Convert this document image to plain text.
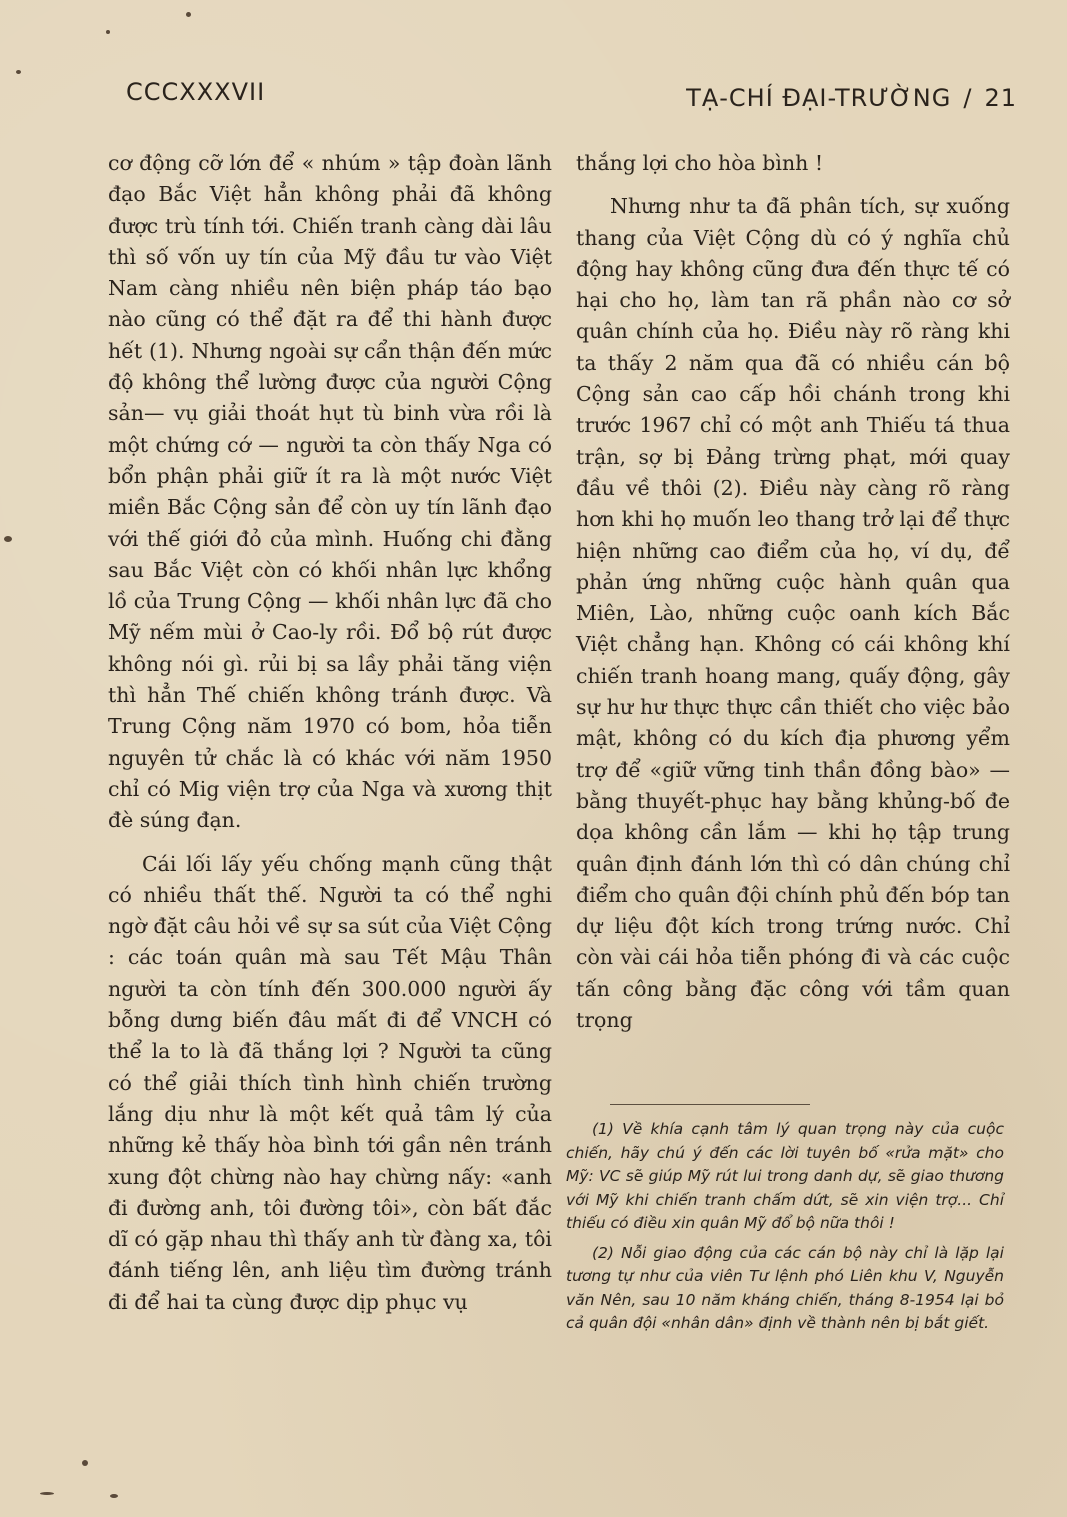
CCCXXXVII	TẠ-CHÍ ĐẠI-TRƯỜNG / 21

cơ động cỡ lớn để « nhúm » tập đoàn lãnh đạo Bắc Việt hẳn không phải đã không được trù tính tới. Chiến tranh càng dài lâu thì số vốn uy tín của Mỹ đầu tư vào Việt Nam càng nhiều nên biện pháp táo bạo nào cũng có thể đặt ra để thi hành được hết (1). Nhưng ngoài sự cẩn thận đến mức độ không thể lường được của người Cộng sản— vụ giải thoát hụt tù binh vừa rồi là một chứng cớ — người ta còn thấy Nga có bổn phận phải giữ ít ra là một nước Việt miền Bắc Cộng sản để còn uy tín lãnh đạo với thế giới đỏ của mình. Huống chi đằng sau Bắc Việt còn có khối nhân lực khổng lồ của Trung Cộng — khối nhân lực đã cho Mỹ nếm mùi ở Cao-ly rồi. Đổ bộ rút được không nói gì. rủi bị sa lầy phải tăng viện thì hẳn Thế chiến không tránh được. Và Trung Cộng năm 1970 có bom, hỏa tiễn nguyên tử chắc là có khác với năm 1950 chỉ có Mig viện trợ của Nga và xương thịt đè súng đạn.

Cái lối lấy yếu chống mạnh cũng thật có nhiều thất thế. Người ta có thể nghi ngờ đặt câu hỏi về sự sa sút của Việt Cộng : các toán quân mà sau Tết Mậu Thân người ta còn tính đến 300.000 người ấy bỗng dưng biến đâu mất đi để VNCH có thể la to là đã thắng lợi ? Người ta cũng có thể giải thích tình hình chiến trường lắng dịu như là một kết quả tâm lý của những kẻ thấy hòa bình tới gần nên tránh xung đột chừng nào hay chừng nấy: «anh đi đường anh, tôi đường tôi», còn bất đắc dĩ có gặp nhau thì thấy anh từ đàng xa, tôi đánh tiếng lên, anh liệu tìm đường tránh đi để hai ta cùng được dịp phục vụ

thắng lợi cho hòa bình !

Nhưng như ta đã phân tích, sự xuống thang của Việt Cộng dù có ý nghĩa chủ động hay không cũng đưa đến thực tế có hại cho họ, làm tan rã phần nào cơ sở quân chính của họ. Điều này rõ ràng khi ta thấy 2 năm qua đã có nhiều cán bộ Cộng sản cao cấp hồi chánh trong khi trước 1967 chỉ có một anh Thiếu tá thua trận, sợ bị Đảng trừng phạt, mới quay đầu về thôi (2). Điều này càng rõ ràng hơn khi họ muốn leo thang trở lại để thực hiện những cao điểm của họ, ví dụ, để phản ứng những cuộc hành quân qua Miên, Lào, những cuộc oanh kích Bắc Việt chẳng hạn. Không có cái không khí chiến tranh hoang mang, quấy động, gây sự hư hư thực thực cần thiết cho việc bảo mật, không có du kích địa phương yểm trợ để «giữ vững tinh thần đồng bào» — bằng thuyết-phục hay bằng khủng-bố đe dọa không cần lắm — khi họ tập trung quân định đánh lớn thì có dân chúng chỉ điểm cho quân đội chính phủ đến bóp tan dự liệu đột kích trong trứng nước. Chỉ còn vài cái hỏa tiễn phóng đi và các cuộc tấn công bằng đặc công với tầm quan trọng

(1) Về khía cạnh tâm lý quan trọng này của cuộc chiến, hãy chú ý đến các lời tuyên bố «rửa mặt» cho Mỹ: VC sẽ giúp Mỹ rút lui trong danh dự, sẽ giao thương với Mỹ khi chiến tranh chấm dứt, sẽ xin viện trợ... Chỉ thiếu có điều xin quân Mỹ đổ bộ nữa thôi !

(2) Nỗi giao động của các cán bộ này chỉ là lặp lại tương tự như của viên Tư lệnh phó Liên khu V, Nguyễn văn Nên, sau 10 năm kháng chiến, tháng 8-1954 lại bỏ cả quân đội «nhân dân» định về thành nên bị bắt giết.
